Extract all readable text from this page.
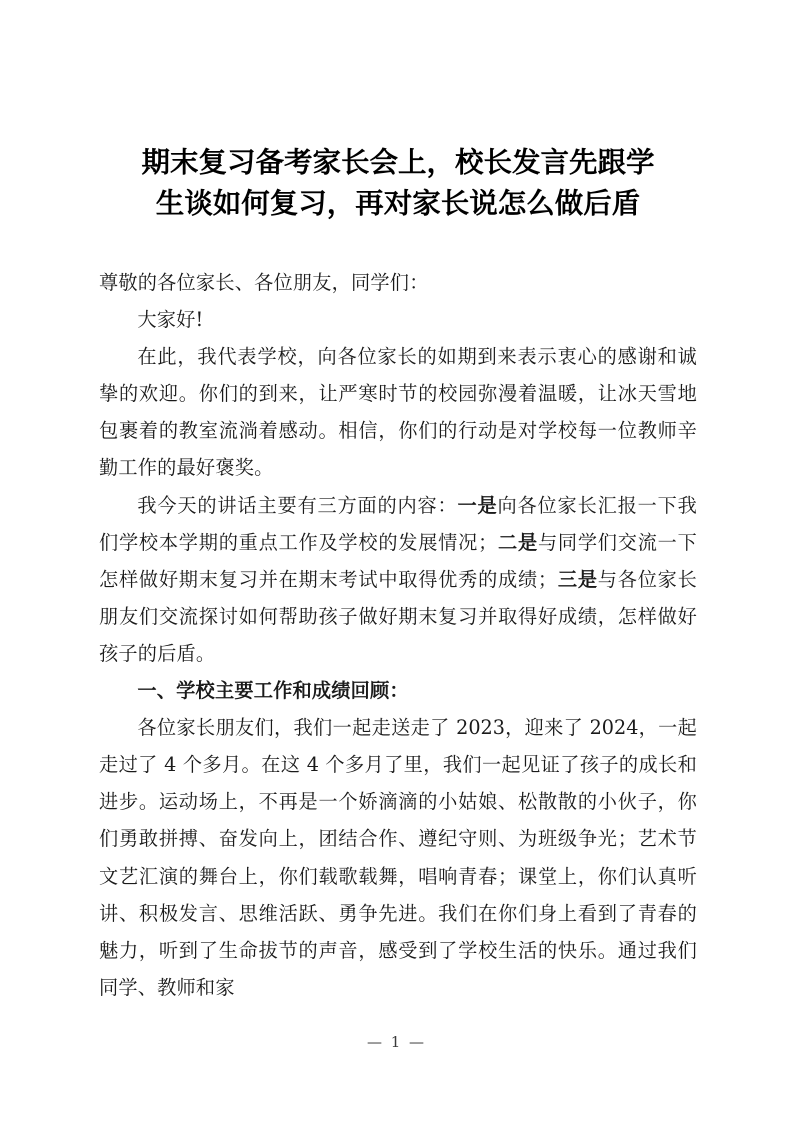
期末复习备考家长会上，校长发言先跟学
生谈如何复习，再对家长说怎么做后盾

尊敬的各位家长、各位朋友，同学们：

大家好!

在此，我代表学校，向各位家长的如期到来表示衷心的感谢和诚挚的欢迎。你们的到来，让严寒时节的校园弥漫着温暖，让冰天雪地包裹着的教室流淌着感动。相信，你们的行动是对学校每一位教师辛勤工作的最好褒奖。

我今天的讲话主要有三方面的内容：一是向各位家长汇报一下我们学校本学期的重点工作及学校的发展情况；二是与同学们交流一下怎样做好期末复习并在期末考试中取得优秀的成绩；三是与各位家长朋友们交流探讨如何帮助孩子做好期末复习并取得好成绩，怎样做好孩子的后盾。

一、学校主要工作和成绩回顾：

各位家长朋友们，我们一起走送走了 2023，迎来了 2024，一起走过了 4 个多月。在这 4 个多月了里，我们一起见证了孩子的成长和进步。运动场上，不再是一个娇滴滴的小姑娘、松散散的小伙子，你们勇敢拼搏、奋发向上，团结合作、遵纪守则、为班级争光；艺术节文艺汇演的舞台上，你们载歌载舞，唱响青春；课堂上，你们认真听讲、积极发言、思维活跃、勇争先进。我们在你们身上看到了青春的魅力，听到了生命拔节的声音，感受到了学校生活的快乐。通过我们同学、教师和家

— 1 —
